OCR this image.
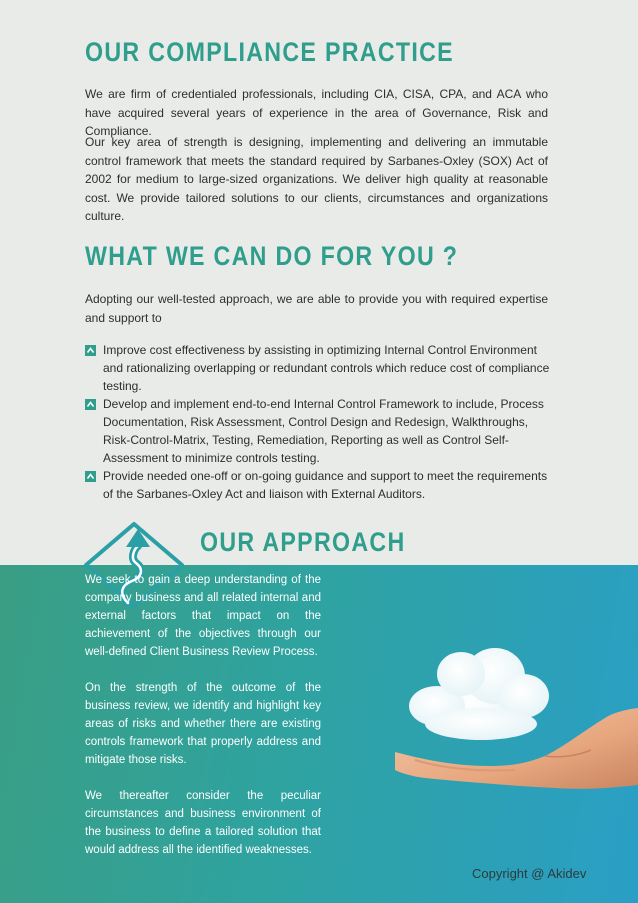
OUR COMPLIANCE PRACTICE

We are firm of credentialed professionals, including CIA, CISA, CPA, and ACA who have acquired several years of experience in the area of Governance, Risk and Compliance.

Our key area of strength is designing, implementing and delivering an immutable control framework that meets the standard required by Sarbanes-Oxley (SOX) Act of 2002 for medium to large-sized organizations. We deliver high quality at reasonable cost. We provide tailored solutions to our clients, circumstances and organizations culture.

WHAT WE CAN DO FOR YOU ?

Adopting our well-tested approach, we are able to provide you with required expertise and support to

Improve cost effectiveness by assisting in optimizing Internal Control Environment and rationalizing overlapping or redundant controls which reduce cost of compliance testing.
Develop and implement end-to-end Internal Control Framework to include, Process Documentation, Risk Assessment, Control Design and Redesign, Walkthroughs, Risk-Control-Matrix, Testing, Remediation, Reporting as well as Control Self-Assessment to minimize controls testing.
Provide needed one-off or on-going guidance and support to meet the requirements of the Sarbanes-Oxley Act and liaison with External Auditors.
OUR APPROACH

We seek to gain a deep understanding of the company business and all related internal and external factors that impact on the achievement of the objectives through our well-defined Client Business Review Process.

On the strength of the outcome of the business review, we identify and highlight key areas of risks and whether there are existing controls framework that properly address and mitigate those risks.

We thereafter consider the peculiar circumstances and business environment of the business to define a tailored solution that would address all the identified weaknesses.

Copyright @ Akidev
